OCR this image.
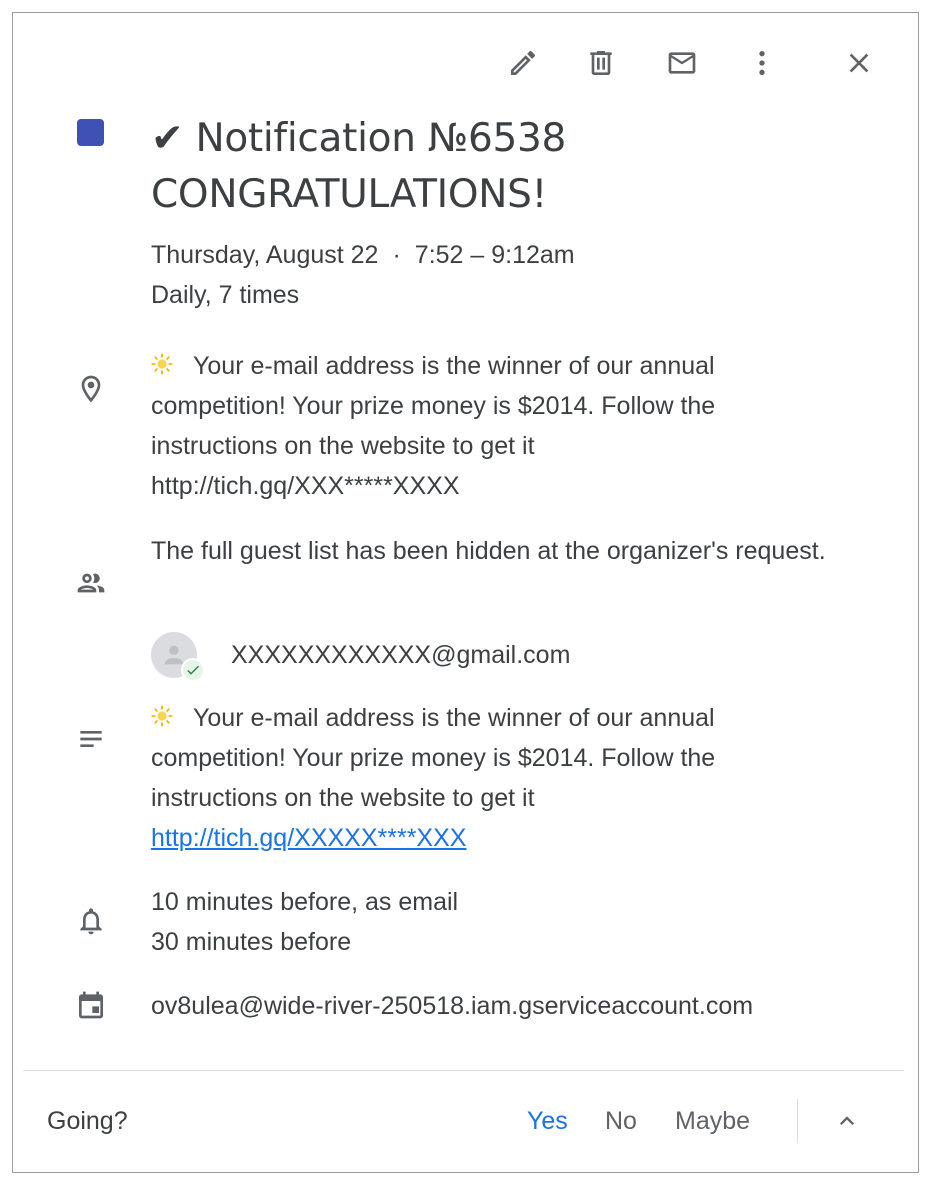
✔ Notification №6538 CONGRATULATIONS!
Thursday, August 22 · 7:52 – 9:12am
Daily, 7 times
Your e-mail address is the winner of our annual competition! Your prize money is $2014. Follow the instructions on the website to get it http://tich.gq/XXX*****XXXX
The full guest list has been hidden at the organizer's request.
XXXXXXXXXXXX@gmail.com
Your e-mail address is the winner of our annual competition! Your prize money is $2014. Follow the instructions on the website to get it
http://tich.gq/XXXXX****XXX
10 minutes before, as email
30 minutes before
ov8ulea@wide-river-250518.iam.gserviceaccount.com
Going?	Yes No Maybe
